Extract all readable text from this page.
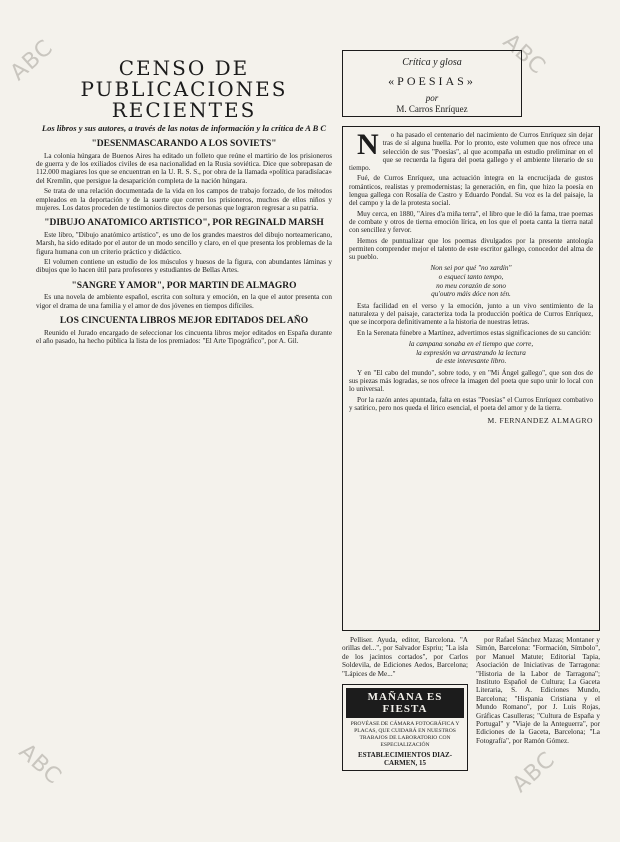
ABC	ABC
ABC	ABC
CENSO DE PUBLICACIONES
RECIENTES
Los libros y sus autores, a través de las notas de información y la crítica de A B C
"DESENMASCARANDO A LOS SOVIETS"

La colonia húngara de Buenos Aires ha editado un folleto que reúne el martirio de los prisioneros de guerra y de los exiliados civiles de esa nacionalidad en la Rusia soviética. Dice que sobrepasan de 112.000 magiares los que se encuentran en la U. R. S. S., por obra de la llamada «política paradisíaca» del Kremlin, que persigue la desaparición completa de la nación húngara.

Se trata de una relación documentada de la vida en los campos de trabajo forzado, de los métodos empleados en la deportación y de la suerte que corren los prisioneros, muchos de ellos niños y mujeres. Los datos proceden de testimonios directos de personas que lograron regresar a su patria.

"DIBUJO ANATOMICO ARTISTICO", POR REGINALD MARSH

Este libro, "Dibujo anatómico artístico", es uno de los grandes maestros del dibujo norteamericano, Marsh, ha sido editado por el autor de un modo sencillo y claro, en el que presenta los problemas de la figura humana con un criterio práctico y didáctico.

El volumen contiene un estudio de los músculos y huesos de la figura, con abundantes láminas y dibujos que lo hacen útil para profesores y estudiantes de Bellas Artes.

"SANGRE Y AMOR", POR MARTIN DE ALMAGRO

Es una novela de ambiente español, escrita con soltura y emoción, en la que el autor presenta con vigor el drama de una familia y el amor de dos jóvenes en tiempos difíciles.

LOS CINCUENTA LIBROS MEJOR EDITADOS DEL AÑO

Reunido el Jurado encargado de seleccionar los cincuenta libros mejor editados en España durante el año pasado, ha hecho pública la lista de los premiados: "El Arte Tipográfico", por A. Gil.

Crítica y glosa
«POESIAS»
por
M. Carros Enríquez

N o ha pasado el centenario del nacimiento de Curros Enríquez sin dejar tras de sí alguna huella. Por lo pronto, este volumen que nos ofrece una selección de sus "Poesías", al que acompaña un estudio preliminar en el que se recuerda la figura del poeta gallego y el ambiente literario de su tiempo.

Fué, de Curros Enríquez, una actuación íntegra en la encrucijada de gustos románticos, realistas y premodernistas; la generación, en fin, que hizo la poesía en lengua gallega con Rosalía de Castro y Eduardo Pondal. Su voz es la del paisaje, la del campo y la de la protesta social.

Muy cerca, en 1880, "Aires d'a miña terra", el libro que le dió la fama, trae poemas de combate y otros de tierna emoción lírica, en los que el poeta canta la tierra natal con sencillez y fervor.

Hemos de puntualizar que los poemas divulgados por la presente antología permiten comprender mejor el talento de este escritor gallego, conocedor del alma de su pueblo.

Non sei por qué "no xardín"
o esqueci tanto tempo,
no meu corazón de sono
qu'outro máis dóce non tén.

Esta facilidad en el verso y la emoción, junto a un vivo sentimiento de la naturaleza y del paisaje, caracteriza toda la producción poética de Curros Enríquez, que se incorpora definitivamente a la historia de nuestras letras.

En la Serenata fúnebre a Martínez, advertimos estas significaciones de su canción:

la campana sonaba en el tiempo que corre,
la expresión va arrastrando la lectura
de este interesante libro.

Y en "El cabo del mundo", sobre todo, y en "Mi Ángel gallego", que son dos de sus piezas más logradas, se nos ofrece la imagen del poeta que supo unir lo local con lo universal.

Por la razón antes apuntada, falta en estas "Poesías" el Curros Enríquez combativo y satírico, pero nos queda el lírico esencial, el poeta del amor y de la tierra.

M. FERNANDEZ ALMAGRO

Pelliser. Ayuda, editor, Barcelona. "A orillas del...", por Salvador Espriu; "La isla de los jacintos cortados", por Carlos Soldevila, de Ediciones Aedos, Barcelona; "Lápices de Me..."

MAÑANA ES FIESTA
PROVÉASE DE CÁMARA FOTOGRÁFICA Y PLACAS, QUE CUIDARÁ EN NUESTROS TRABAJOS DE LABORATORIO CON ESPECIALIZACIÓN
ESTABLECIMIENTOS DIAZ-CARMEN, 15

por Rafael Sánchez Mazas; Montaner y Simón, Barcelona: "Formación, Símbolo", por Manuel Matute; Editorial Tapia, Asociación de Iniciativas de Tarragona: "Historia de la Labor de Tarragona"; Instituto Español de Cultura; La Gaceta Literaria, S. A. Ediciones Mundo, Barcelona; "Hispania Cristiana y el Mundo Romano", por J. Luis Rojas, Gráficas Casulleras; "Cultura de España y Portugal" y "Viaje de la Anteguerra", por Ediciones de la Gaceta, Barcelona; "La Fotografía", por Ramón Gómez.
